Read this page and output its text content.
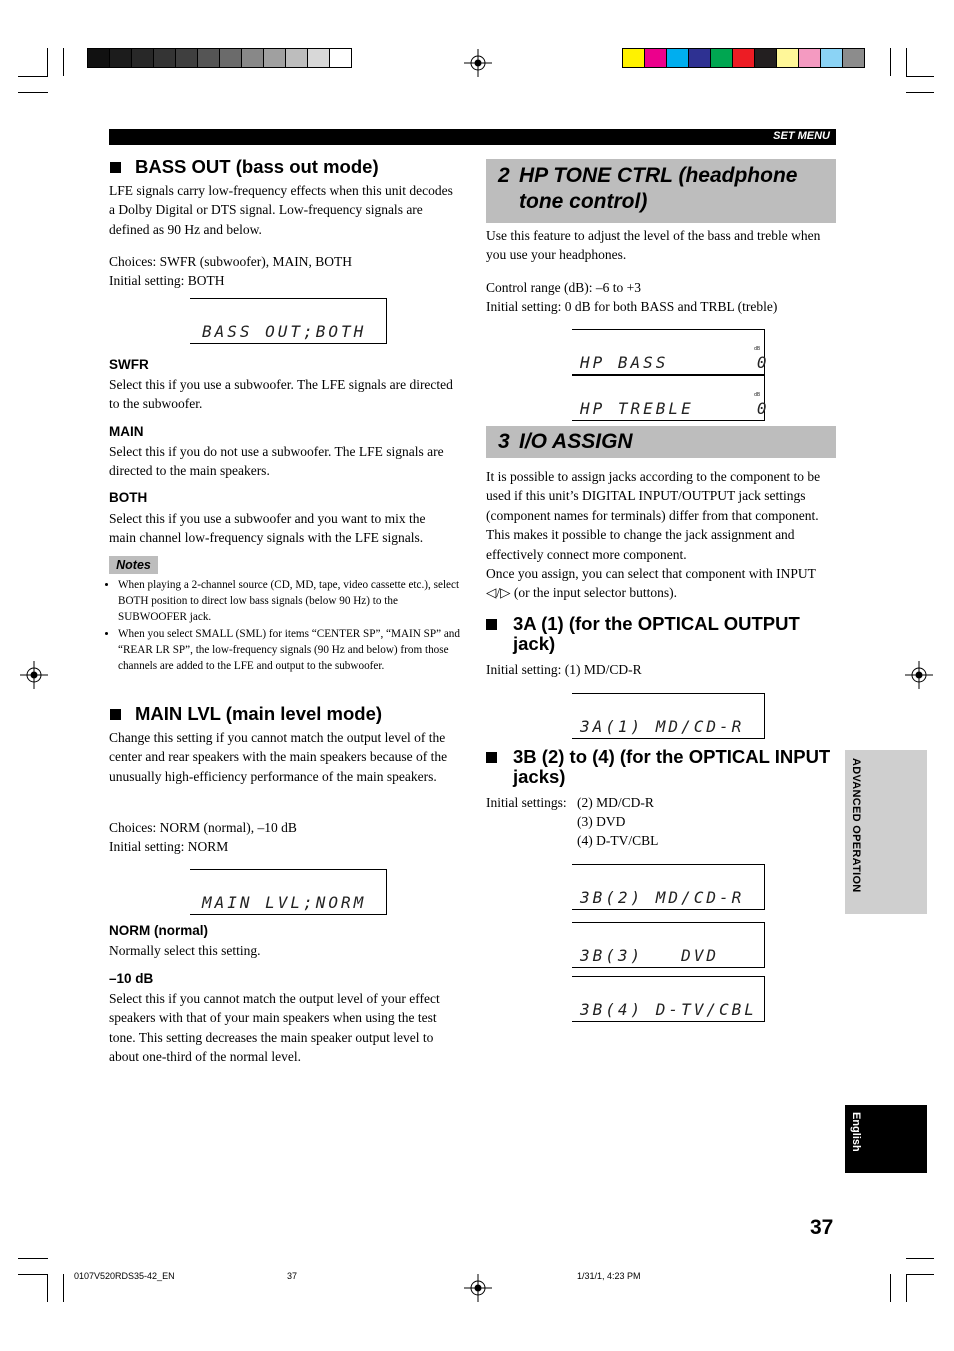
SET MENU
BASS OUT (bass out mode)
LFE signals carry low-frequency effects when this unit decodes a Dolby Digital or DTS signal. Low-frequency signals are defined as 90 Hz and below.
Choices: SWFR (subwoofer), MAIN, BOTH
Initial setting: BOTH
BASS OUT;BOTH
SWFR
Select this if you use a subwoofer. The LFE signals are directed to the subwoofer.
MAIN
Select this if you do not use a subwoofer. The LFE signals are directed to the main speakers.
BOTH
Select this if you use a subwoofer and you want to mix the main channel low-frequency signals with the LFE signals.
Notes
• When playing a 2-channel source (CD, MD, tape, video cassette etc.), select BOTH position to direct low bass signals (below 90 Hz) to the SUBWOOFER jack.
• When you select SMALL (SML) for items “CENTER SP”, “MAIN SP” and “REAR LR SP”, the low-frequency signals (90 Hz and below) from those channels are added to the LFE and output to the subwoofer.
MAIN LVL (main level mode)
Change this setting if you cannot match the output level of the center and rear speakers with the main speakers because of the unusually high-efficiency performance of the main speakers.
Choices: NORM (normal), –10 dB
Initial setting: NORM
MAIN LVL;NORM
NORM (normal)
Normally select this setting.
–10 dB
Select this if you cannot match the output level of your effect speakers with that of your main speakers when using the test tone. This setting decreases the main speaker output level to about one-third of the normal level.
2 HP TONE CTRL (headphone tone control)
Use this feature to adjust the level of the bass and treble when you use your headphones.
Control range (dB): –6 to +3
Initial setting: 0 dB for both BASS and TRBL (treble)
HP BASS       0
dB
HP TREBLE     0
dB
3 I/O ASSIGN
It is possible to assign jacks according to the component to be used if this unit’s DIGITAL INPUT/OUTPUT jack settings (component names for terminals) differ from that component. This makes it possible to change the jack assignment and effectively connect more component.
Once you assign, you can select that component with INPUT ◁/▷ (or the input selector buttons).
3A (1) (for the OPTICAL OUTPUT jack)
Initial setting: (1) MD/CD-R
3A(1) MD/CD-R
3B (2) to (4) (for the OPTICAL INPUT jacks)
Initial settings: (2) MD/CD-R
(3) DVD
(4) D-TV/CBL
3B(2) MD/CD-R
3B(3)   DVD
3B(4) D-TV/CBL
ADVANCED OPERATION
English
37
0107V520RDS35-42_EN	37	1/31/1, 4:23 PM
